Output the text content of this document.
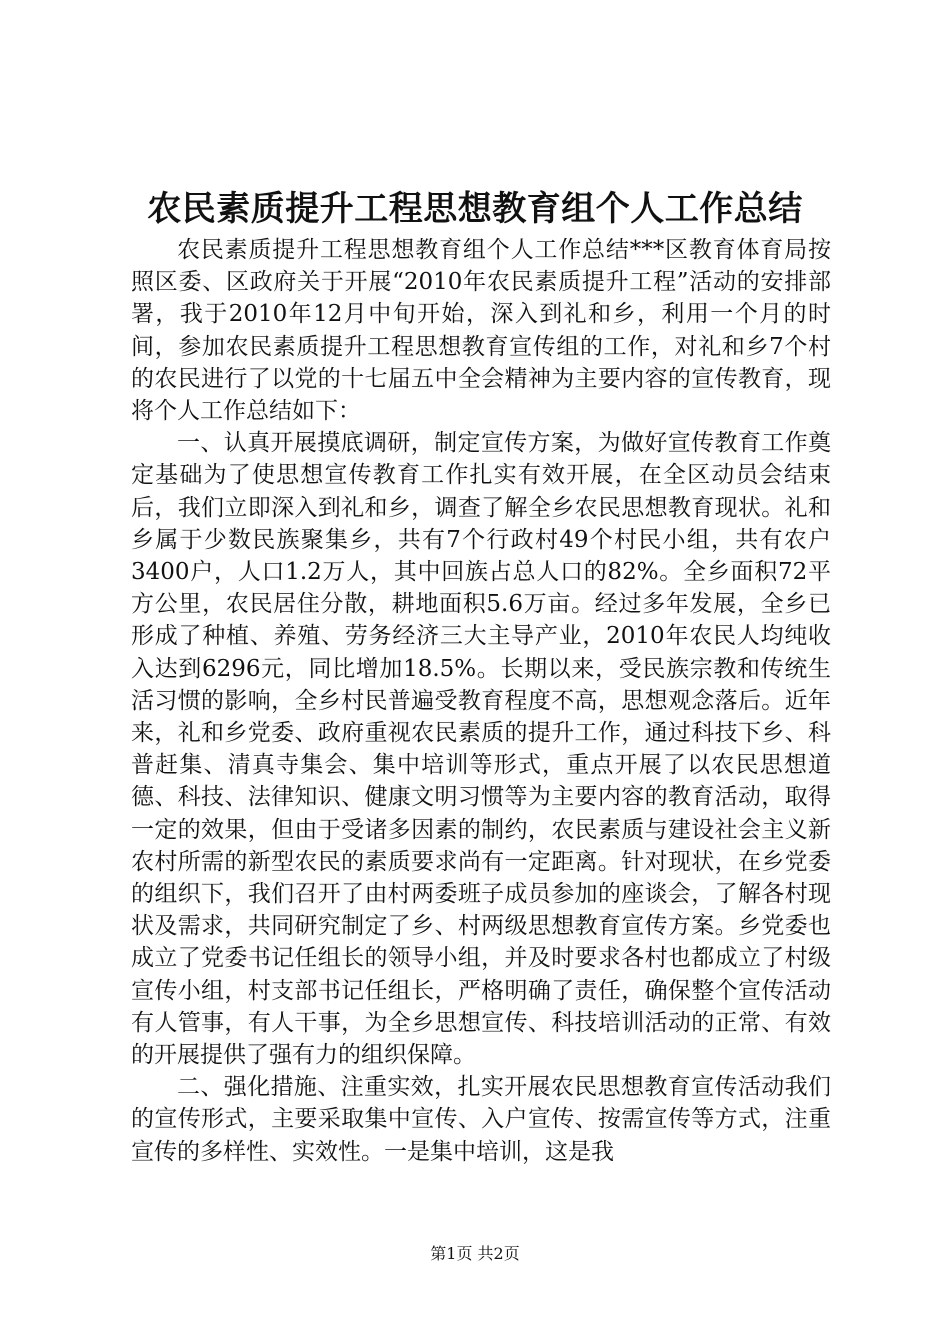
农民素质提升工程思想教育组个人工作总结

农民素质提升工程思想教育组个人工作总结***区教育体育局按照区委、区政府关于开展“2010年农民素质提升工程”活动的安排部署，我于2010年12月中旬开始，深入到礼和乡，利用一个月的时间，参加农民素质提升工程思想教育宣传组的工作，对礼和乡7个村的农民进行了以党的十七届五中全会精神为主要内容的宣传教育，现将个人工作总结如下：

一、认真开展摸底调研，制定宣传方案，为做好宣传教育工作奠定基础为了使思想宣传教育工作扎实有效开展，在全区动员会结束后，我们立即深入到礼和乡，调查了解全乡农民思想教育现状。礼和乡属于少数民族聚集乡，共有7个行政村49个村民小组，共有农户3400户，人口1.2万人，其中回族占总人口的82%。全乡面积72平方公里，农民居住分散，耕地面积5.6万亩。经过多年发展，全乡已形成了种植、养殖、劳务经济三大主导产业，2010年农民人均纯收入达到6296元，同比增加18.5%。长期以来，受民族宗教和传统生活习惯的影响，全乡村民普遍受教育程度不高，思想观念落后。近年来，礼和乡党委、政府重视农民素质的提升工作，通过科技下乡、科普赶集、清真寺集会、集中培训等形式，重点开展了以农民思想道德、科技、法律知识、健康文明习惯等为主要内容的教育活动，取得一定的效果，但由于受诸多因素的制约，农民素质与建设社会主义新农村所需的新型农民的素质要求尚有一定距离。针对现状，在乡党委的组织下，我们召开了由村两委班子成员参加的座谈会，了解各村现状及需求，共同研究制定了乡、村两级思想教育宣传方案。乡党委也成立了党委书记任组长的领导小组，并及时要求各村也都成立了村级宣传小组，村支部书记任组长，严格明确了责任，确保整个宣传活动有人管事，有人干事，为全乡思想宣传、科技培训活动的正常、有效的开展提供了强有力的组织保障。

二、强化措施、注重实效，扎实开展农民思想教育宣传活动我们的宣传形式，主要采取集中宣传、入户宣传、按需宣传等方式，注重宣传的多样性、实效性。一是集中培训，这是我

第1页 共2页
